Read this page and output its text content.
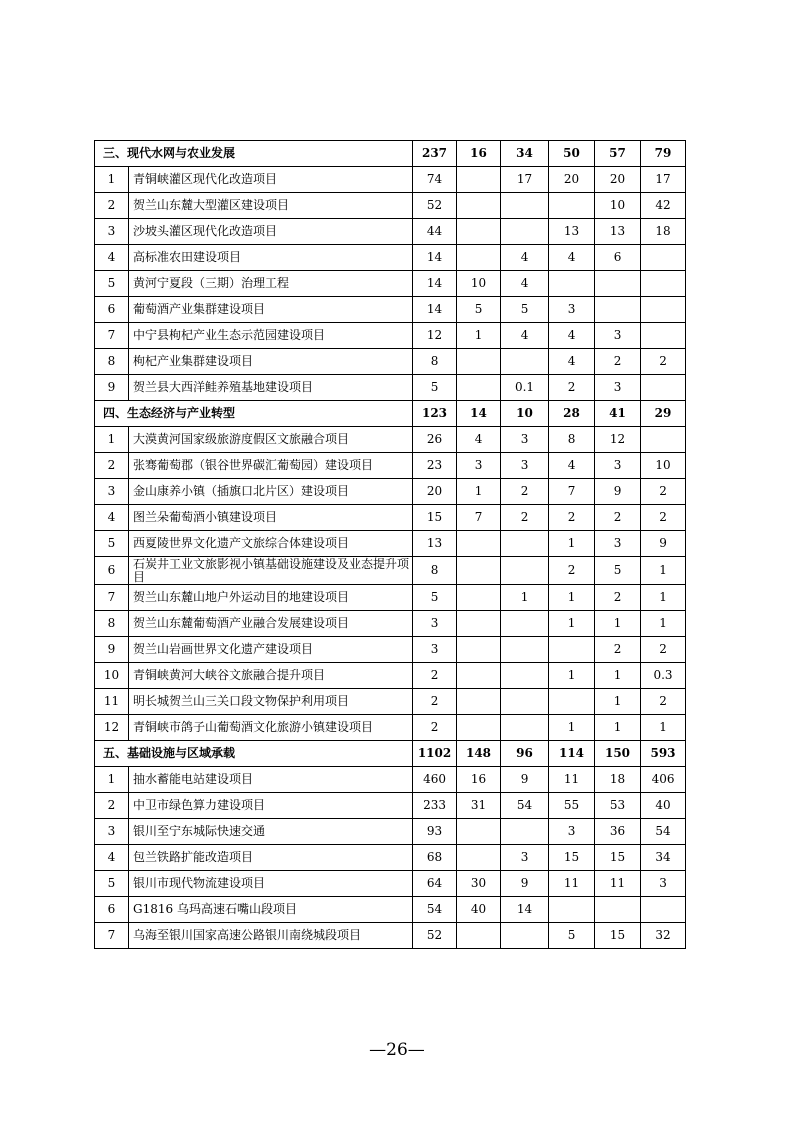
三、现代水网与农业发展		237	16	34	50	57	79
1	青铜峡灌区现代化改造项目	74		17	20	20	17
2	贺兰山东麓大型灌区建设项目	52				10	42
3	沙坡头灌区现代化改造项目	44			13	13	18
4	高标准农田建设项目	14		4	4	6	
5	黄河宁夏段（三期）治理工程	14	10	4			
6	葡萄酒产业集群建设项目	14	5	5	3		
7	中宁县枸杞产业生态示范园建设项目	12	1	4	4	3	
8	枸杞产业集群建设项目	8			4	2	2
9	贺兰县大西洋鲑养殖基地建设项目	5		0.1	2	3	
四、生态经济与产业转型		123	14	10	28	41	29
1	大漠黄河国家级旅游度假区文旅融合项目	26	4	3	8	12	
2	张骞葡萄郡（银谷世界碳汇葡萄园）建设项目	23	3	3	4	3	10
3	金山康养小镇（插旗口北片区）建设项目	20	1	2	7	9	2
4	图兰朵葡萄酒小镇建设项目	15	7	2	2	2	2
5	西夏陵世界文化遗产文旅综合体建设项目	13			1	3	9
6	石炭井工业文旅影视小镇基础设施建设及业态提升项目	8			2	5	1
7	贺兰山东麓山地户外运动目的地建设项目	5		1	1	2	1
8	贺兰山东麓葡萄酒产业融合发展建设项目	3			1	1	1
9	贺兰山岩画世界文化遗产建设项目	3				2	2
10	青铜峡黄河大峡谷文旅融合提升项目	2			1	1	0.3
11	明长城贺兰山三关口段文物保护利用项目	2				1	2
12	青铜峡市鸽子山葡萄酒文化旅游小镇建设项目	2			1	1	1
五、基础设施与区域承载		1102	148	96	114	150	593
1	抽水蓄能电站建设项目	460	16	9	11	18	406
2	中卫市绿色算力建设项目	233	31	54	55	53	40
3	银川至宁东城际快速交通	93			3	36	54
4	包兰铁路扩能改造项目	68		3	15	15	34
5	银川市现代物流建设项目	64	30	9	11	11	3
6	G1816 乌玛高速石嘴山段项目	54	40	14			
7	乌海至银川国家高速公路银川南绕城段项目	52			5	15	32
—26—
